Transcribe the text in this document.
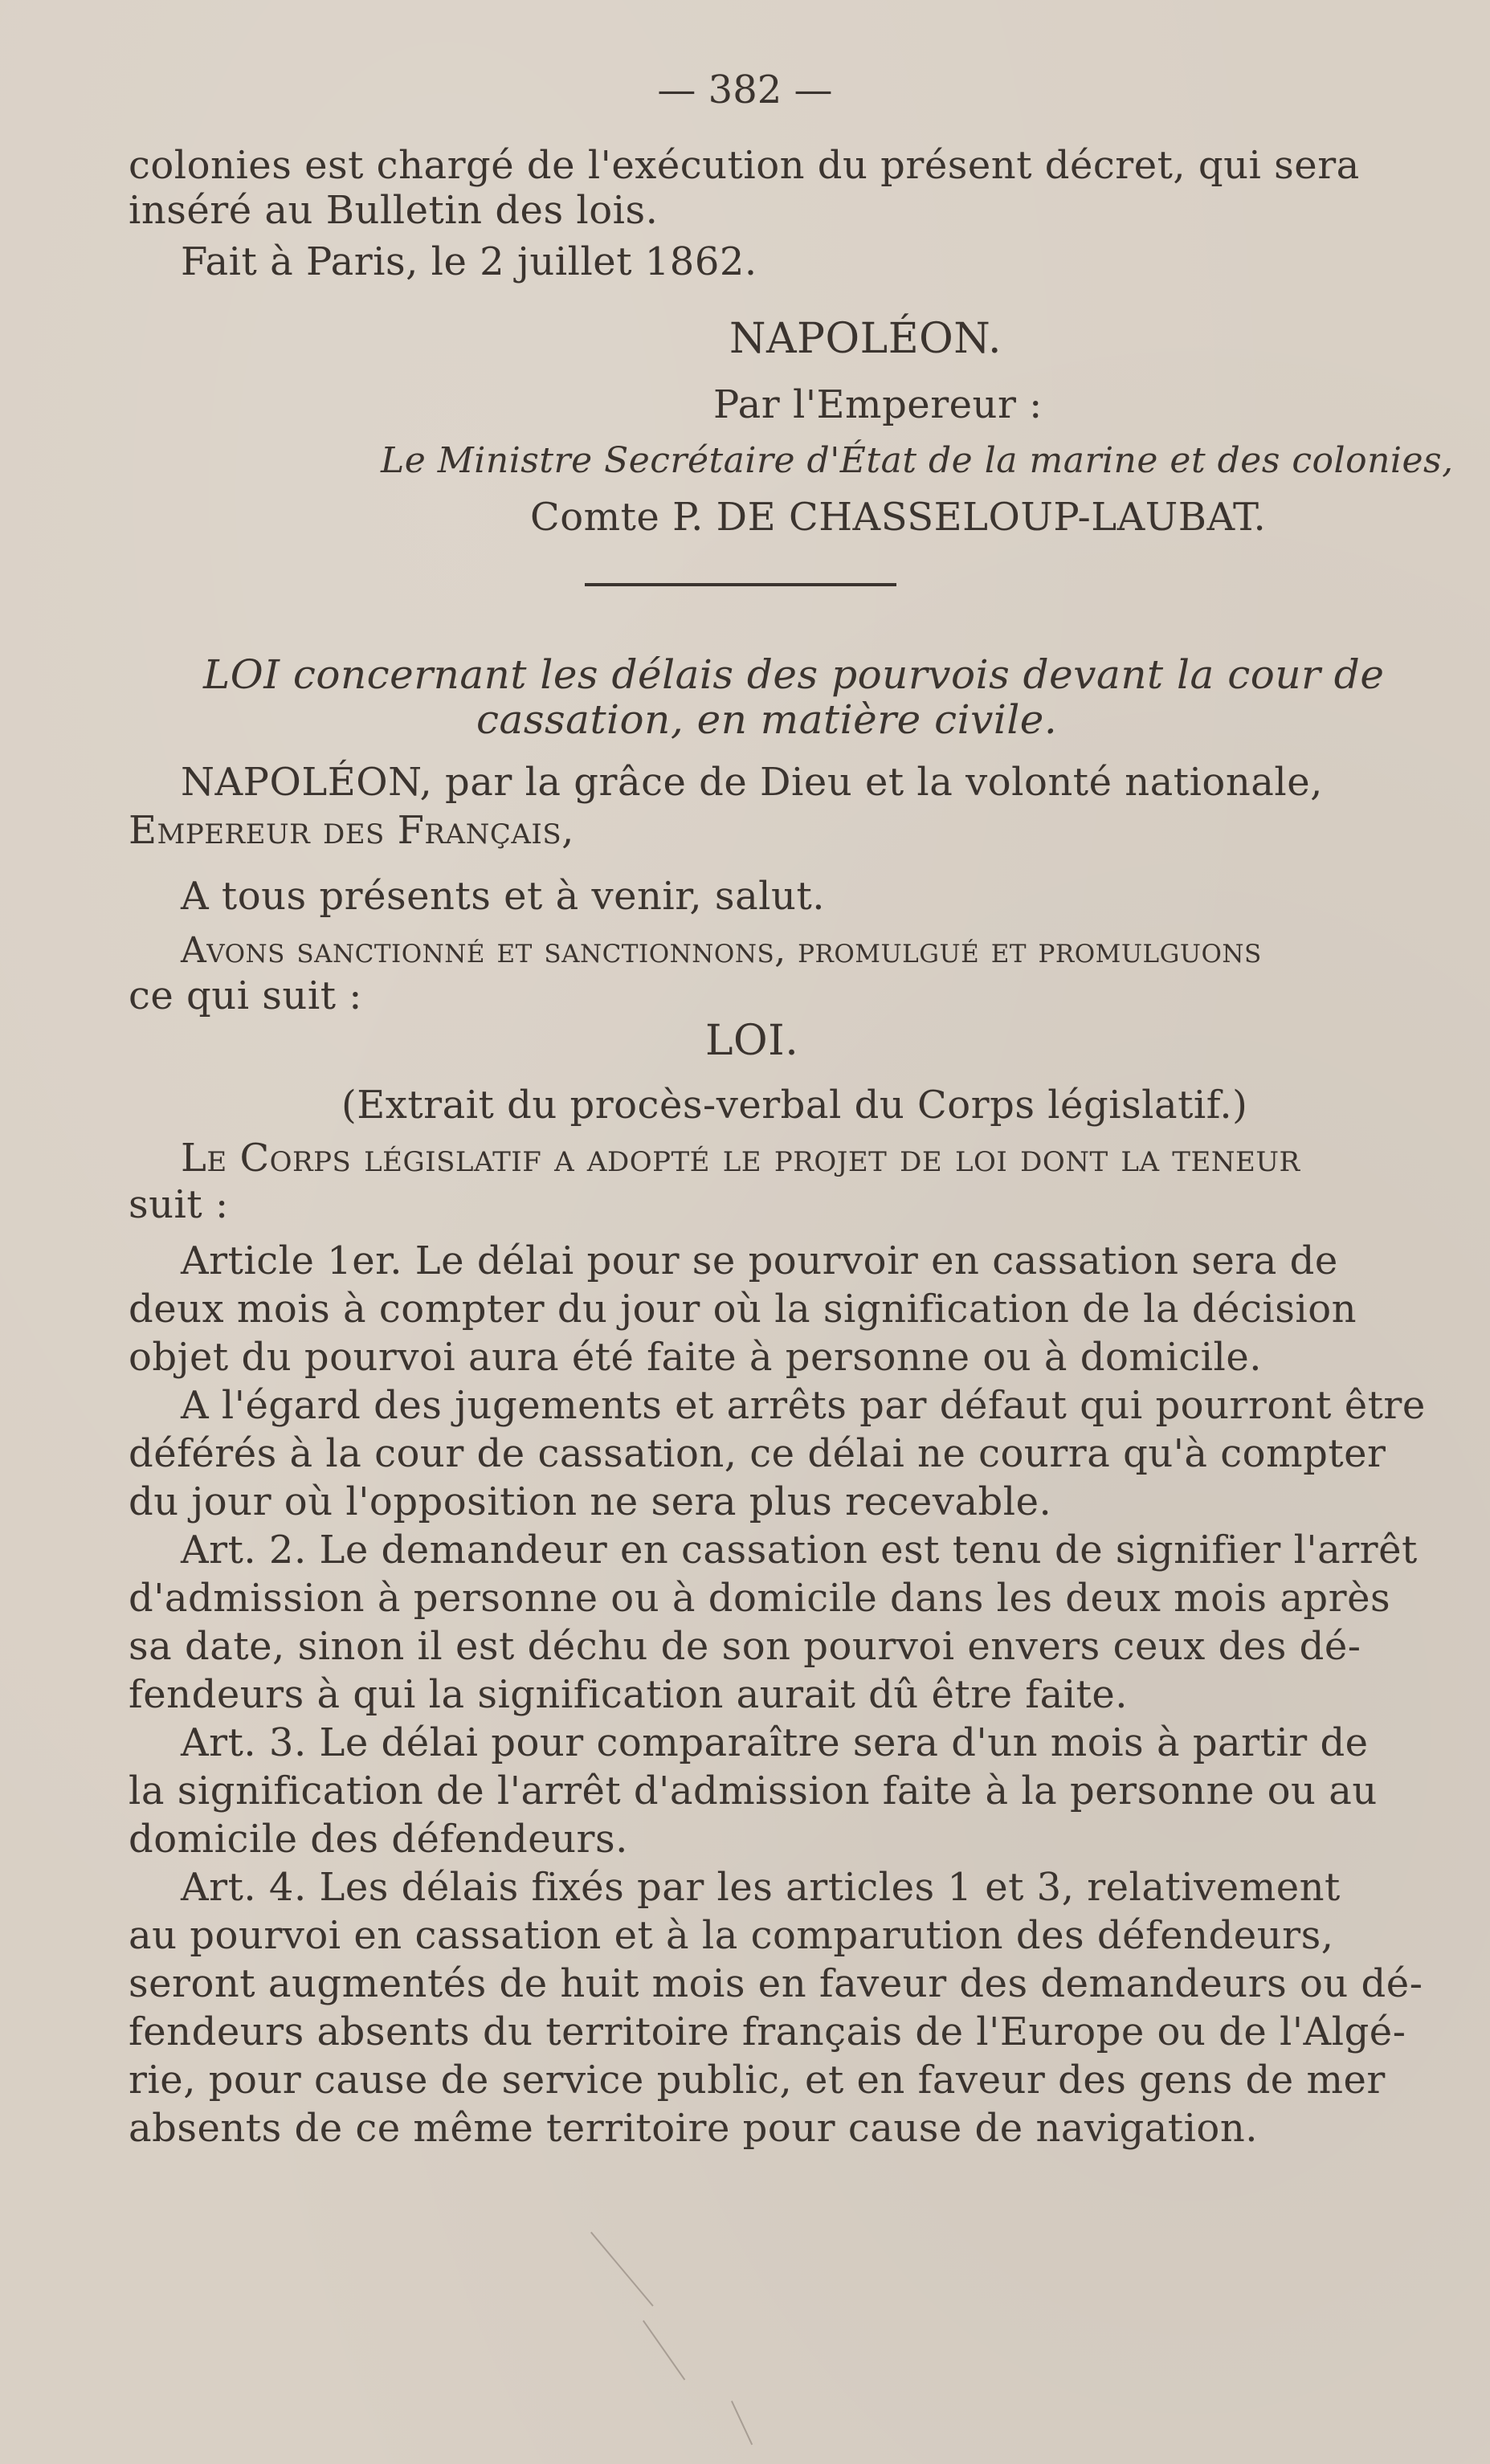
— 382 —
colonies est chargé de l'exécution du présent décret, qui sera
inséré au Bulletin des lois.
Fait à Paris, le 2 juillet 1862.
NAPOLÉON.
Par l'Empereur :
Le Ministre Secrétaire d'État de la marine et des colonies,
Comte P. DE CHASSELOUP-LAUBAT.
LOI concernant les délais des pourvois devant la cour de
cassation, en matière civile.
NAPOLÉON, par la grâce de Dieu et la volonté nationale,
Empereur des Français,
A tous présents et à venir, salut.
Avons sanctionné et sanctionnons, promulgué et promulguons
ce qui suit :
LOI.
(Extrait du procès-verbal du Corps législatif.)
Le Corps législatif a adopté le projet de loi dont la teneur
suit :
Article 1er. Le délai pour se pourvoir en cassation sera de
deux mois à compter du jour où la signification de la décision
objet du pourvoi aura été faite à personne ou à domicile.
A l'égard des jugements et arrêts par défaut qui pourront être
déférés à la cour de cassation, ce délai ne courra qu'à compter
du jour où l'opposition ne sera plus recevable.
Art. 2. Le demandeur en cassation est tenu de signifier l'arrêt
d'admission à personne ou à domicile dans les deux mois après
sa date, sinon il est déchu de son pourvoi envers ceux des dé-
fendeurs à qui la signification aurait dû être faite.
Art. 3. Le délai pour comparaître sera d'un mois à partir de
la signification de l'arrêt d'admission faite à la personne ou au
domicile des défendeurs.
Art. 4. Les délais fixés par les articles 1 et 3, relativement
au pourvoi en cassation et à la comparution des défendeurs,
seront augmentés de huit mois en faveur des demandeurs ou dé-
fendeurs absents du territoire français de l'Europe ou de l'Algé-
rie, pour cause de service public, et en faveur des gens de mer
absents de ce même territoire pour cause de navigation.
